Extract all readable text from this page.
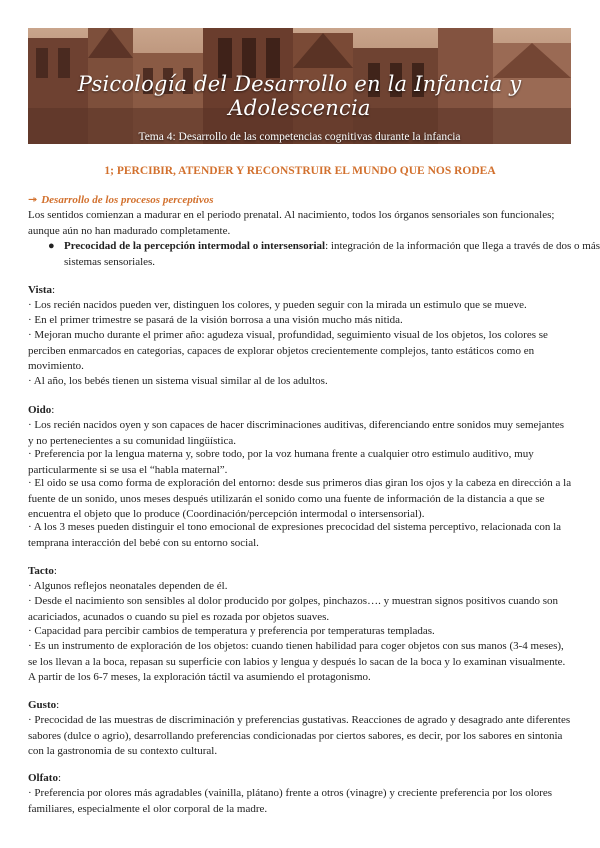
Psicología del Desarrollo en la Infancia y Adolescencia
Tema 4: Desarrollo de las competencias cognitivas durante la infancia

1; PERCIBIR, ATENDER Y RECONSTRUIR EL MUNDO QUE NOS RODEA

↠ Desarrollo de los procesos perceptivos

Los sentidos comienzan a madurar en el periodo prenatal. Al nacimiento, todos los órganos sensoriales son funcionales; aunque aún no han madurado completamente.

● Precocidad de la percepción intermodal o intersensorial: integración de la información que llega a través de dos o más sistemas sensoriales.

Vista:

· Los recién nacidos pueden ver, distinguen los colores, y pueden seguir con la mirada un estimulo que se mueve.

· En el primer trimestre se pasará de la visión borrosa a una visión mucho más nitida.

· Mejoran mucho durante el primer año: agudeza visual, profundidad, seguimiento visual de los objetos, los colores se perciben enmarcados en categorias, capaces de explorar objetos crecientemente complejos, tanto estáticos como en movimiento.

· Al año, los bebés tienen un sistema visual similar al de los adultos.

Oido:

· Los recién nacidos oyen y son capaces de hacer discriminaciones auditivas, diferenciando entre sonidos muy semejantes y no pertenecientes a su comunidad lingüística.

· Preferencia por la lengua materna y, sobre todo, por la voz humana frente a cualquier otro estimulo auditivo, muy particularmente si se usa el “habla maternal”.

· El oido se usa como forma de exploración del entorno: desde sus primeros dias giran los ojos y la cabeza en dirección a la fuente de un sonido, unos meses después utilizarán el sonido como una fuente de información de la distancia a que se encuentra el objeto que lo produce (Coordinación/percepción intermodal o intersensorial).

· A los 3 meses pueden distinguir el tono emocional de expresiones precocidad del sistema perceptivo, relacionada con la temprana interacción del bebé con su entorno social.

Tacto:

· Algunos reflejos neonatales dependen de él.

· Desde el nacimiento son sensibles al dolor producido por golpes, pinchazos…. y muestran signos positivos cuando son acariciados, acunados o cuando su piel es rozada por objetos suaves.

· Capacidad para percibir cambios de temperatura y preferencia por temperaturas templadas.

· Es un instrumento de exploración de los objetos: cuando tienen habilidad para coger objetos con sus manos (3-4 meses), se los llevan a la boca, repasan su superficie con labios y lengua y después lo sacan de la boca y lo examinan visualmente. A partir de los 6-7 meses, la exploración táctil va asumiendo el protagonismo.

Gusto:

· Precocidad de las muestras de discriminación y preferencias gustativas. Reacciones de agrado y desagrado ante diferentes sabores (dulce o agrio), desarrollando preferencias condicionadas por ciertos sabores, es decir, por los sabores en sintonia con la gastronomia de su contexto cultural.

Olfato:

· Preferencia por olores más agradables (vainilla, plátano) frente a otros (vinagre) y creciente preferencia por los olores familiares, especialmente el olor corporal de la madre.
